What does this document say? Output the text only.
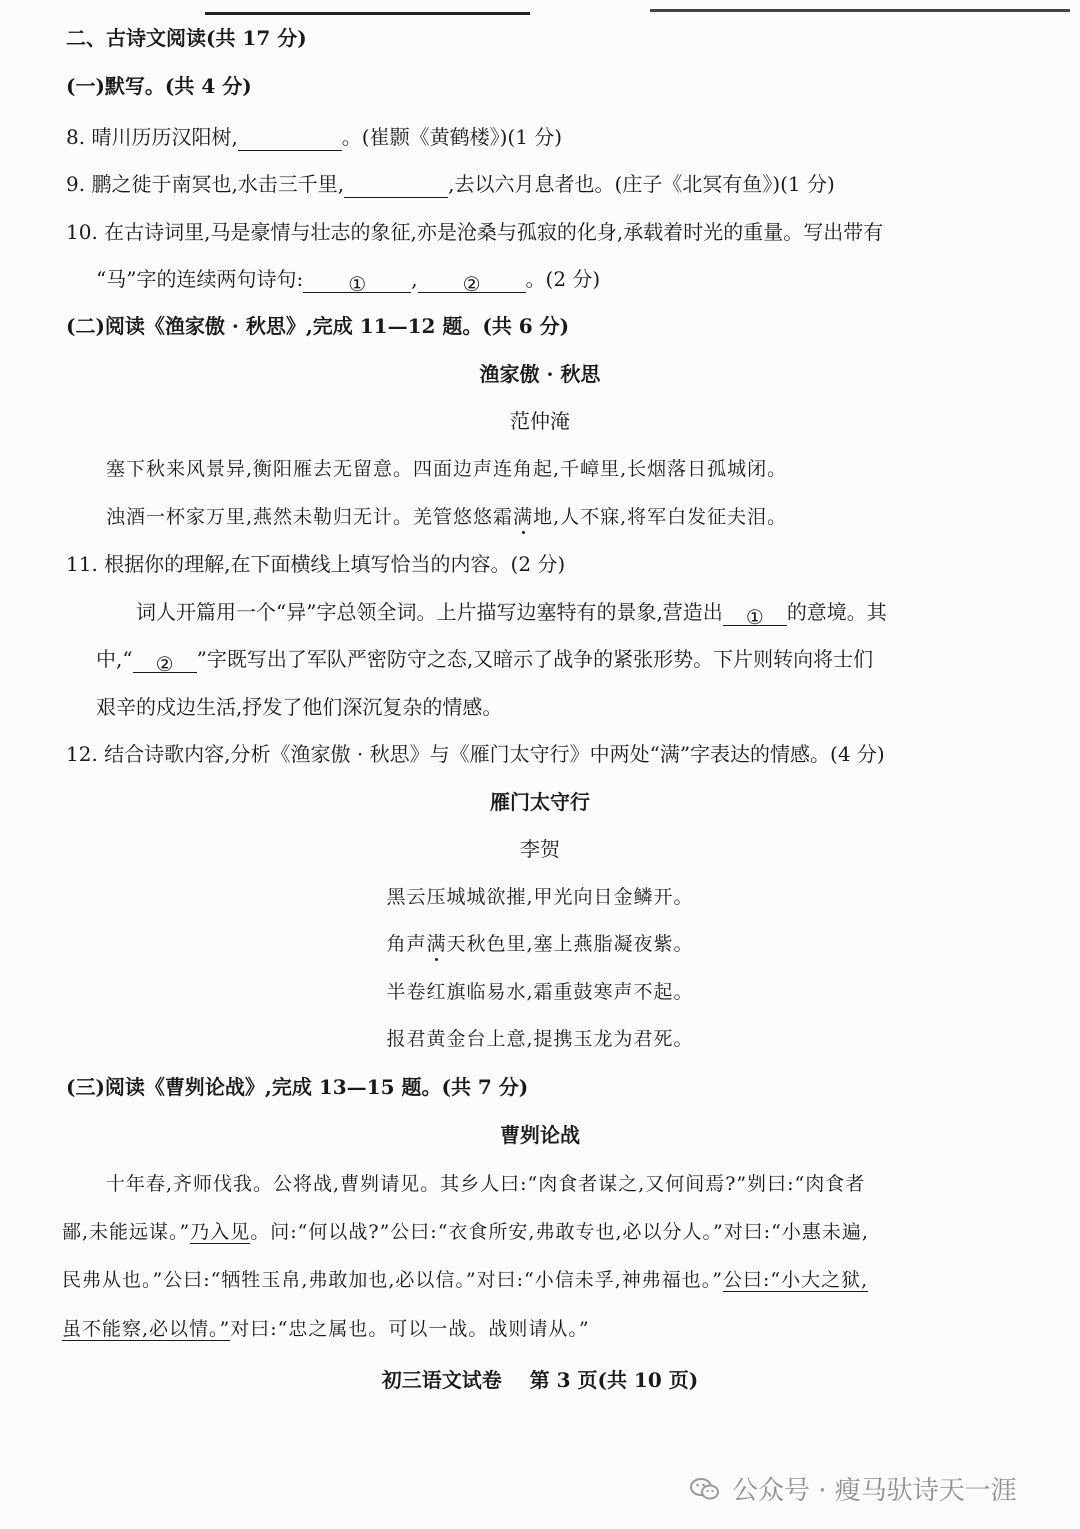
二、古诗文阅读(共 17 分)
(一)默写。(共 4 分)
8. 晴川历历汉阳树,	。(崔颢《黄鹤楼》)(1 分)
9. 鹏之徙于南冥也,水击三千里,	,去以六月息者也。(庄子《北冥有鱼》)(1 分)
10. 在古诗词里,马是豪情与壮志的象征,亦是沧桑与孤寂的化身,承载着时光的重量。写出带有
“马”字的连续两句诗句: ① , ② 。(2 分)
(二)阅读《渔家傲 · 秋思》,完成 11—12 题。(共 6 分)
渔家傲 · 秋思
范仲淹
塞下秋来风景异,衡阳雁去无留意。四面边声连角起,千嶂里,长烟落日孤城闭。
浊酒一杯家万里,燕然未勒归无计。羌管悠悠霜满地,人不寐,将军白发征夫泪。
11. 根据你的理解,在下面横线上填写恰当的内容。(2 分)
词人开篇用一个“异”字总领全词。上片描写边塞特有的景象,营造出 ① 的意境。其
中,“ ② ”字既写出了军队严密防守之态,又暗示了战争的紧张形势。下片则转向将士们
艰辛的戍边生活,抒发了他们深沉复杂的情感。
12. 结合诗歌内容,分析《渔家傲 · 秋思》与《雁门太守行》中两处“满”字表达的情感。(4 分)
雁门太守行
李贺
黑云压城城欲摧,甲光向日金鳞开。
角声满天秋色里,塞上燕脂凝夜紫。
半卷红旗临易水,霜重鼓寒声不起。
报君黄金台上意,提携玉龙为君死。
(三)阅读《曹刿论战》,完成 13—15 题。(共 7 分)
曹刿论战
十年春,齐师伐我。公将战,曹刿请见。其乡人曰:“肉食者谋之,又何间焉?”刿曰:“肉食者
鄙,未能远谋。”乃入见。问:“何以战?”公曰:“衣食所安,弗敢专也,必以分人。”对曰:“小惠未遍,
民弗从也。”公曰:“牺牲玉帛,弗敢加也,必以信。”对曰:“小信未孚,神弗福也。”公曰:“小大之狱,
虽不能察,必以情。”对曰:“忠之属也。可以一战。战则请从。”
初三语文试卷    第 3 页(共 10 页)
公众号 · 瘦马驮诗天一涯
